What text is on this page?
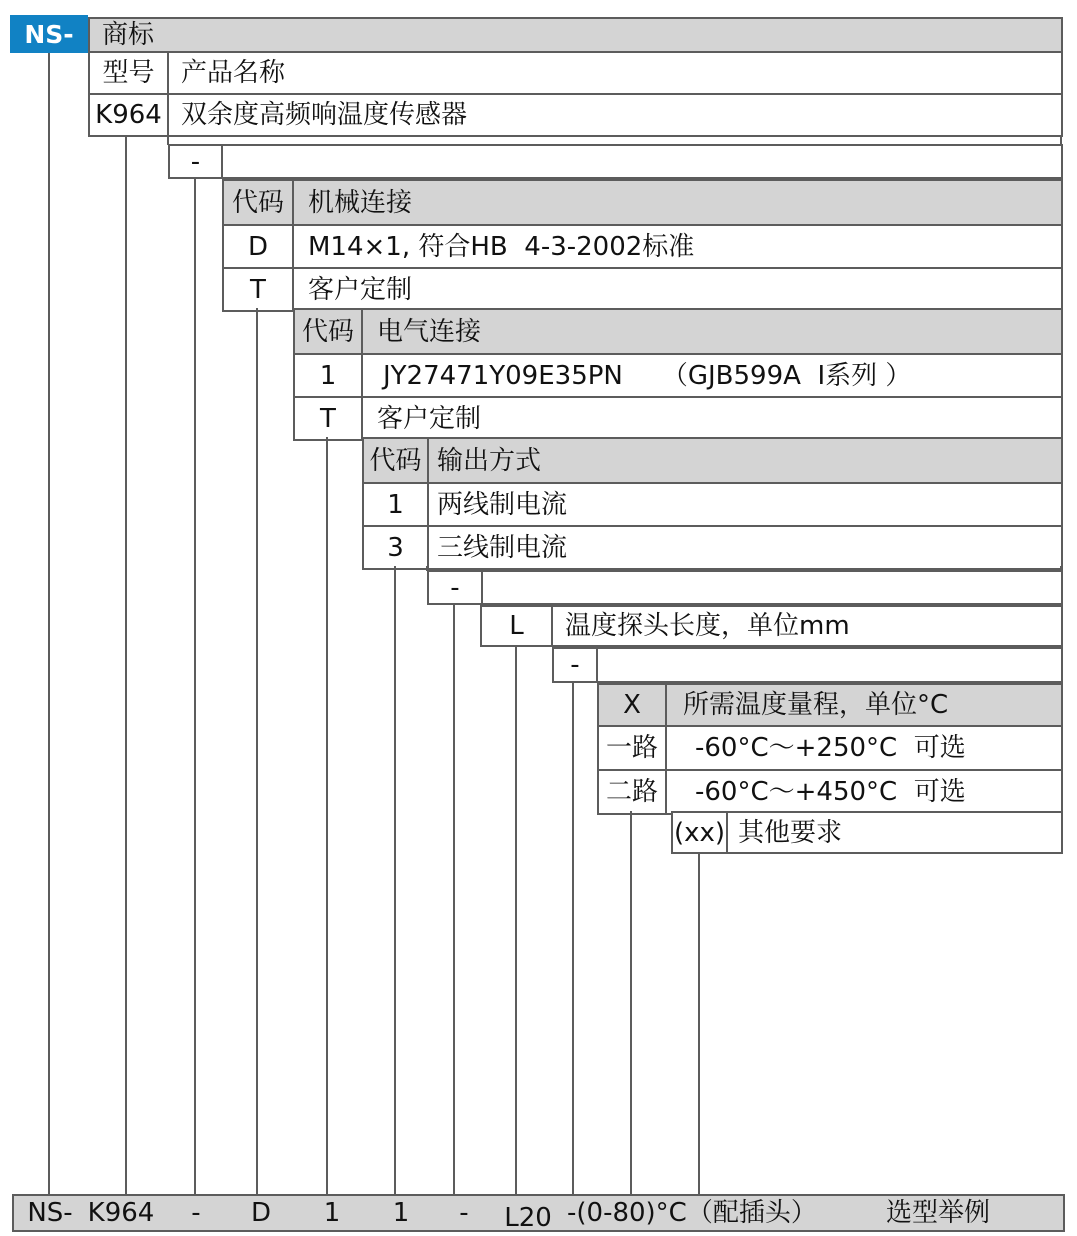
NS-	商标
型号	产品名称
K964 双余度高频响温度传感器
-
代码 机械连接
D	M14×1, 符合HB  4-3-2002标准
T	客户定制
代码 电气连接
1	JY27471Y09E35PN　　（GJB599A  Ⅰ系列 ）
T	客户定制
代码 输出方式
1	两线制电流
3	三线制电流
-
L	温度探头长度，单位mm
-
X	所需温度量程，单位°C
一路	-60°C～+250°C  可选
二路	-60°C～+450°C  可选
(xx) 其他要求
NS- K964 - D 1 1 - L20 -(0-80)°C（配插头）	选型举例
